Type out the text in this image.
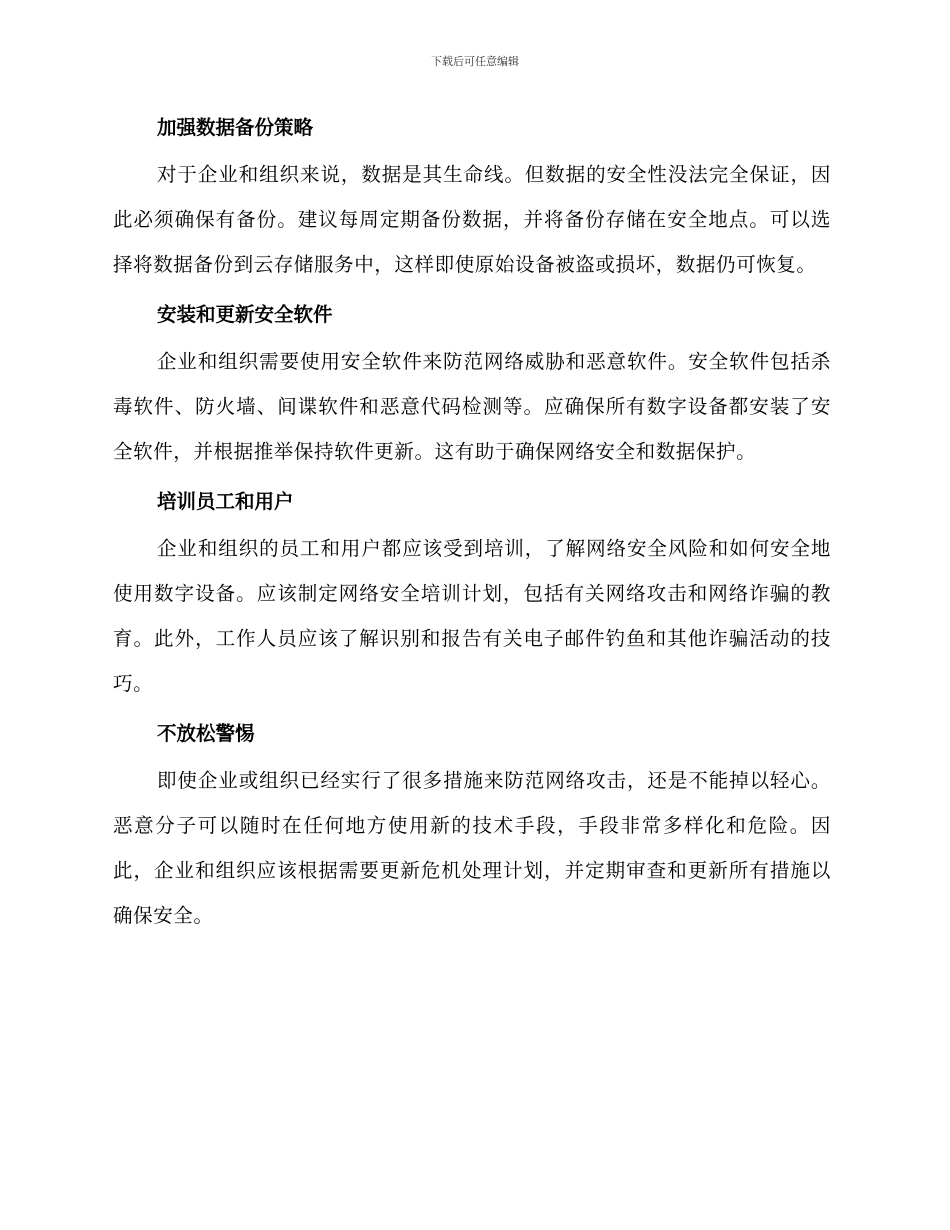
下载后可任意编辑
加强数据备份策略

对于企业和组织来说，数据是其生命线。但数据的安全性没法完全保证，因此必须确保有备份。建议每周定期备份数据，并将备份存储在安全地点。可以选择将数据备份到云存储服务中，这样即使原始设备被盗或损坏，数据仍可恢复。

安装和更新安全软件

企业和组织需要使用安全软件来防范网络威胁和恶意软件。安全软件包括杀毒软件、防火墙、间谍软件和恶意代码检测等。应确保所有数字设备都安装了安全软件，并根据推举保持软件更新。这有助于确保网络安全和数据保护。

培训员工和用户

企业和组织的员工和用户都应该受到培训，了解网络安全风险和如何安全地使用数字设备。应该制定网络安全培训计划，包括有关网络攻击和网络诈骗的教育。此外，工作人员应该了解识别和报告有关电子邮件钓鱼和其他诈骗活动的技巧。

不放松警惕

即使企业或组织已经实行了很多措施来防范网络攻击，还是不能掉以轻心。恶意分子可以随时在任何地方使用新的技术手段，手段非常多样化和危险。因此，企业和组织应该根据需要更新危机处理计划，并定期审查和更新所有措施以确保安全。
